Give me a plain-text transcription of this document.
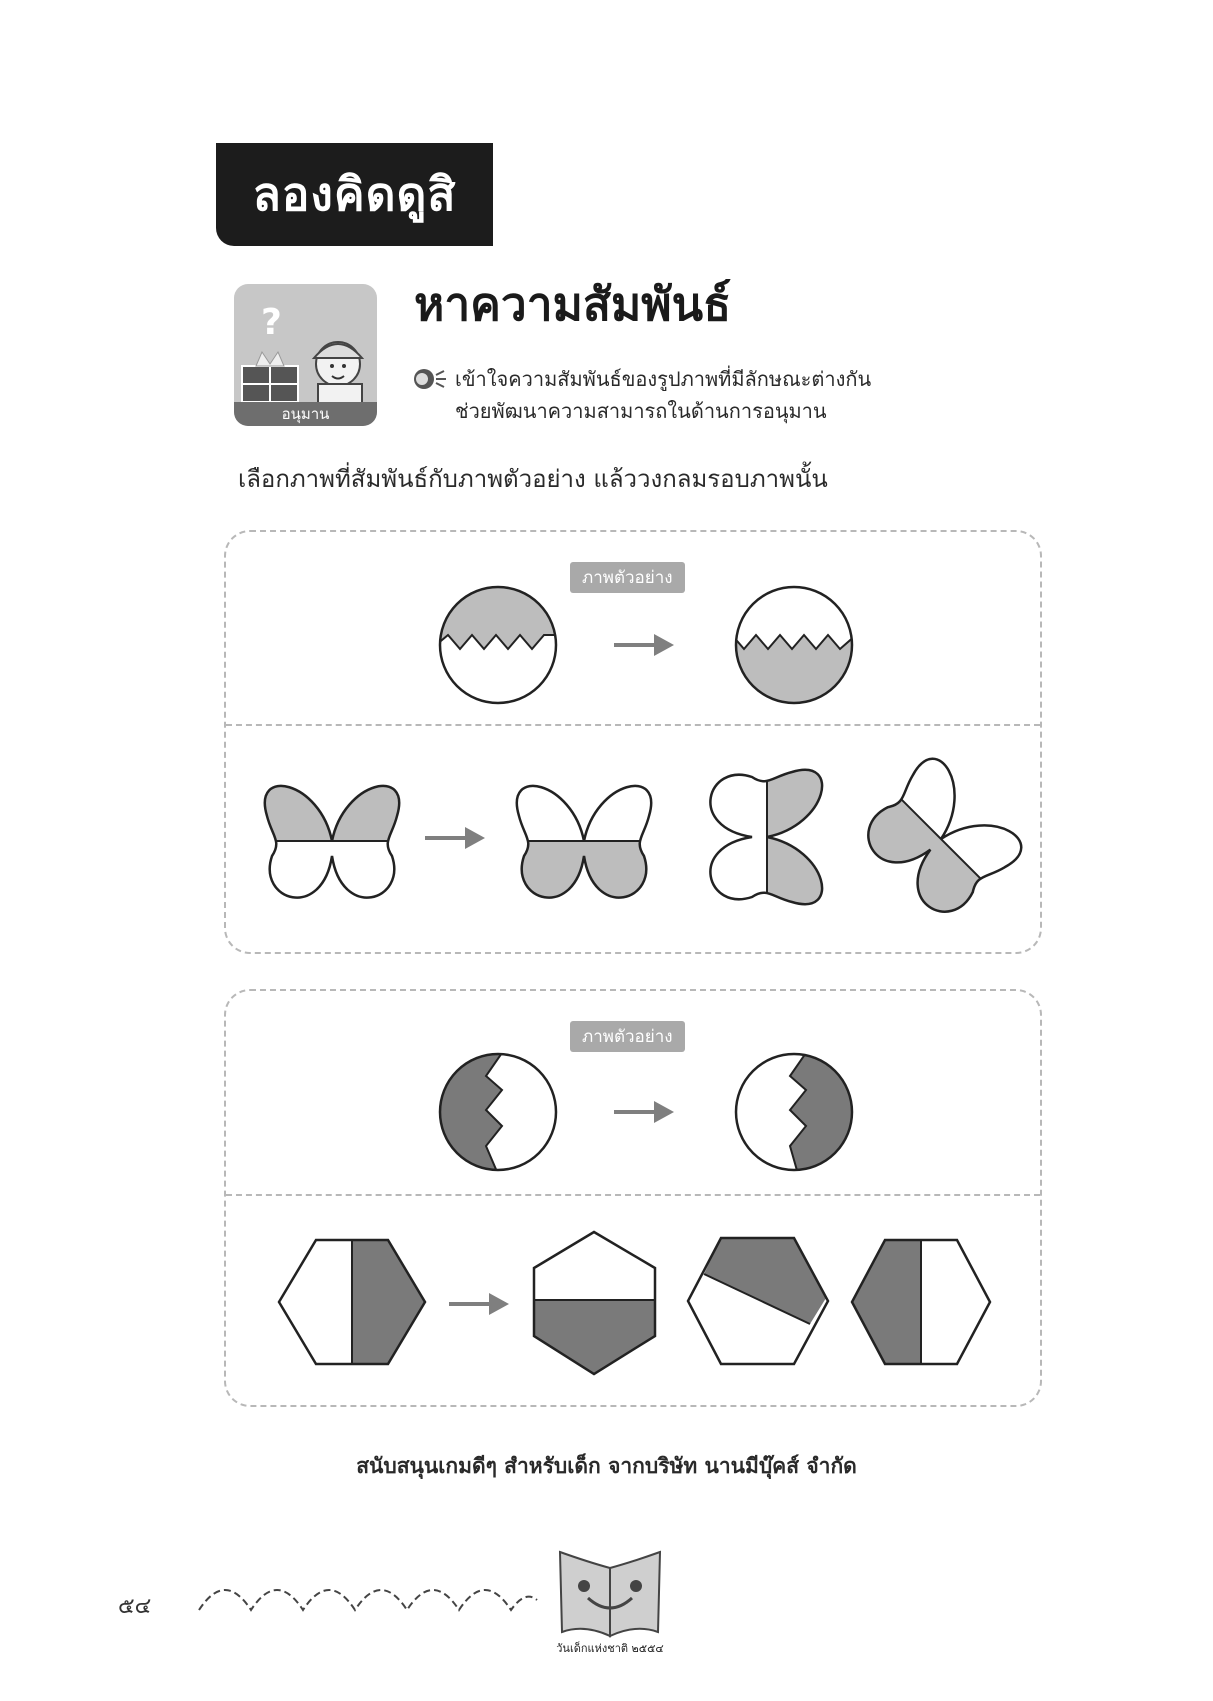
ลองคิดดูสิ
?
อนุมาน
หาความสัมพันธ์
เข้าใจความสัมพันธ์ของรูปภาพที่มีลักษณะต่างกัน
ช่วยพัฒนาความสามารถในด้านการอนุมาน
เลือกภาพที่สัมพันธ์กับภาพตัวอย่าง แล้ววงกลมรอบภาพนั้น
ภาพตัวอย่าง
ภาพตัวอย่าง
สนับสนุนเกมดีๆ สำหรับเด็ก จากบริษัท นานมีบุ๊คส์ จำกัด
๕๔
วันเด็กแห่งชาติ ๒๕๕๔
